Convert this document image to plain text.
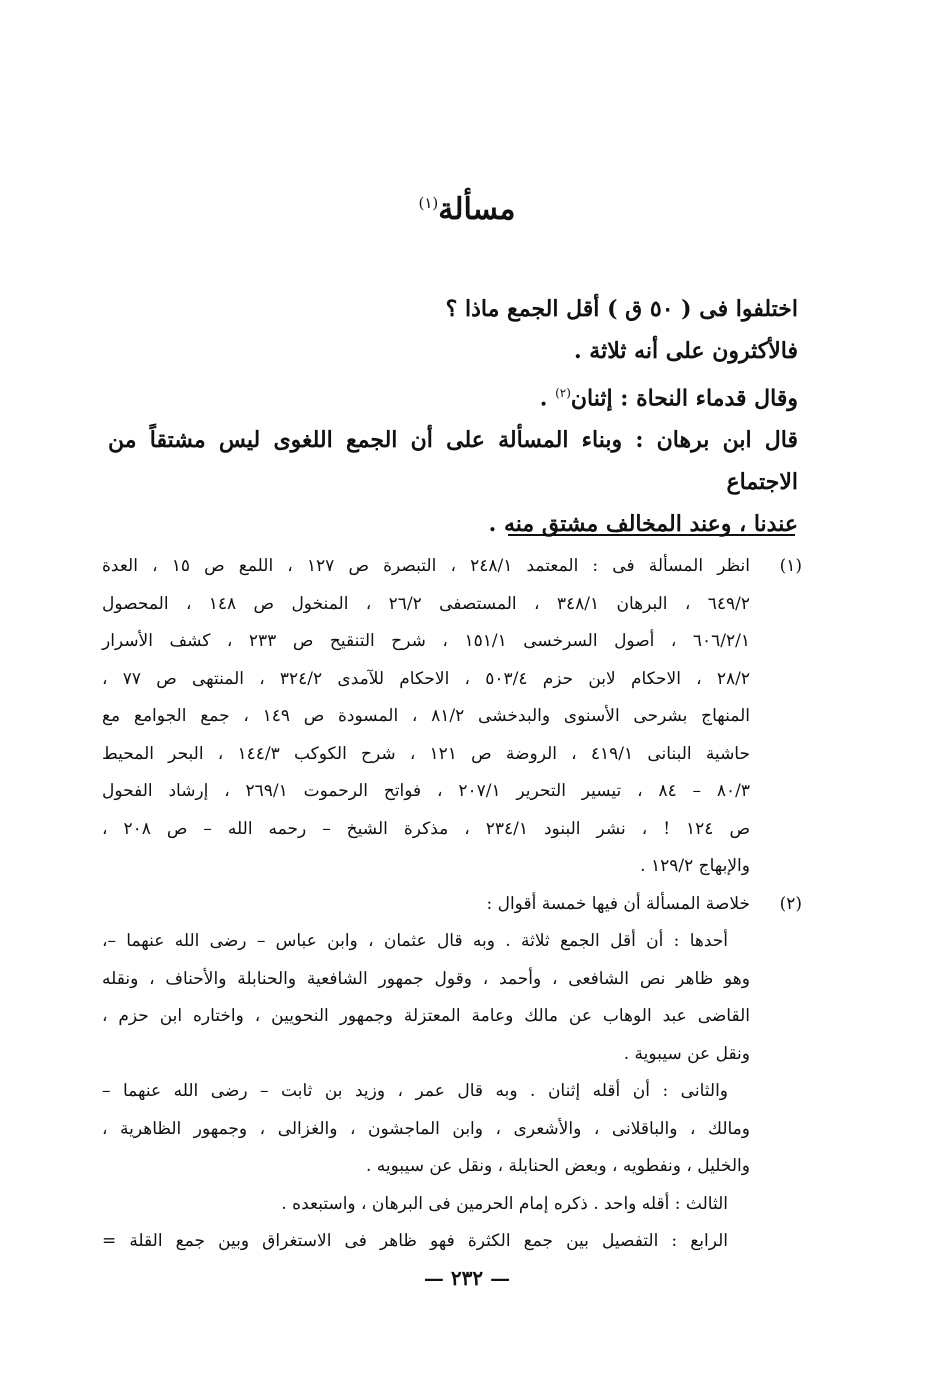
مسألة$^{(١)}$

اختلفوا فى ( ٥٠ ق ) أقل الجمع ماذا ؟

فالأكثرون على أنه ثلاثة .

وقال قدماء النحاة : إثنان$^{(٢)}$ .

قال ابن برهان : وبناء المسألة على أن الجمع اللغوى ليس مشتقاً من الاجتماع

عندنا ، وعند المخالف مشتق منه .

(١)

انظر المسألة فى : المعتمد ٢٤٨/١ ، التبصرة ص ١٢٧ ، اللمع ص ١٥ ، العدة

٦٤٩/٢ ، البرهان ٣٤٨/١ ، المستصفى ٢٦/٢ ، المنخول ص ١٤٨ ، المحصول

٦٠٦/٢/١ ، أصول السرخسى ١٥١/١ ، شرح التنقيح ص ٢٣٣ ، كشف الأسرار

٢٨/٢ ، الاحكام لابن حزم ٥٠٣/٤ ، الاحكام للآمدى ٣٢٤/٢ ، المنتهى ص ٧٧ ،

المنهاج بشرحى الأسنوى والبدخشى ٨١/٢ ، المسودة ص ١٤٩ ، جمع الجوامع مع

حاشية البنانى ٤١٩/١ ، الروضة ص ١٢١ ، شرح الكوكب ١٤٤/٣ ، البحر المحيط

٨٠/٣ – ٨٤ ، تيسير التحرير ٢٠٧/١ ، فواتح الرحموت ٢٦٩/١ ، إرشاد الفحول

ص ١٢٤ ! ، نشر البنود ٢٣٤/١ ، مذكرة الشيخ – رحمه الله – ص ٢٠٨ ،

والإبهاج ١٢٩/٢ .

(٢)

خلاصة المسألة أن فيها خمسة أقوال :

أحدها : أن أقل الجمع ثلاثة . وبه قال عثمان ، وابن عباس – رضى الله عنهما –،

وهو ظاهر نص الشافعى ، وأحمد ، وقول جمهور الشافعية والحنابلة والأحناف ، ونقله

القاضى عبد الوهاب عن مالك وعامة المعتزلة وجمهور النحويين ، واختاره ابن حزم ،

ونقل عن سيبوية .

والثانى : أن أقله إثنان . وبه قال عمر ، وزيد بن ثابت – رضى الله عنهما –

ومالك ، والباقلانى ، والأشعرى ، وابن الماجشون ، والغزالى ، وجمهور الظاهرية ،

والخليل ، ونفطويه ، وبعض الحنابلة ، ونقل عن سيبويه .

الثالث : أقله واحد . ذكره إمام الحرمين فى البرهان ، واستبعده .

الرابع : التفصيل بين جمع الكثرة فهو ظاهر فى الاستغراق وبين جمع القلة =

— ٢٣٢ —
